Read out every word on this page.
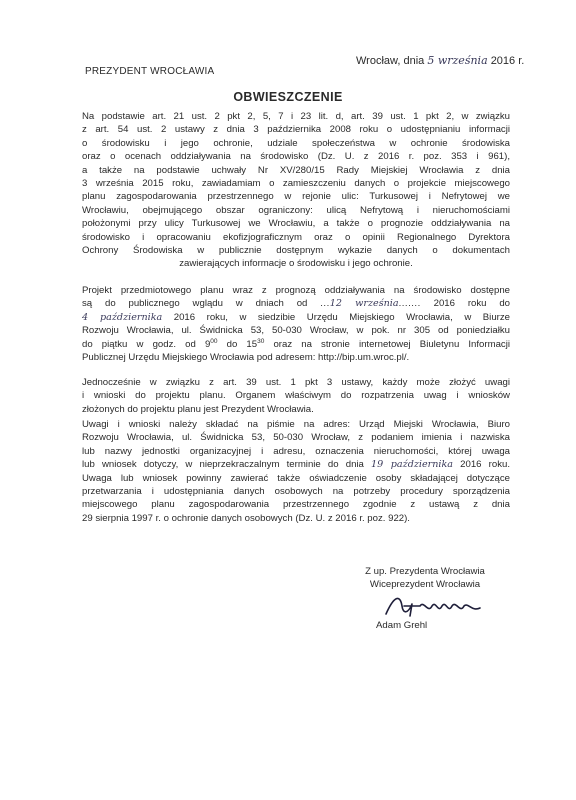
Wrocław, dnia 5 września 2016 r.
PREZYDENT WROCŁAWIA
OBWIESZCZENIE

Na podstawie art. 21 ust. 2 pkt 2, 5, 7 i 23 lit. d, art. 39 ust. 1 pkt 2, w związku

z art. 54 ust. 2 ustawy z dnia 3 października 2008 roku o udostępnianiu informacji

o środowisku i jego ochronie, udziale społeczeństwa w ochronie środowiska

oraz o ocenach oddziaływania na środowisko (Dz. U. z 2016 r. poz. 353 i 961),

a także na podstawie uchwały Nr XV/280/15 Rady Miejskiej Wrocławia z dnia

3 września 2015 roku, zawiadamiam o zamieszczeniu danych o projekcie miejscowego

planu zagospodarowania przestrzennego w rejonie ulic: Turkusowej i Nefrytowej we

Wrocławiu, obejmującego obszar ograniczony: ulicą Nefrytową i nieruchomościami

położonymi przy ulicy Turkusowej we Wrocławiu, a także o prognozie oddziaływania na

środowisko i opracowaniu ekofizjograficznym oraz o opinii Regionalnego Dyrektora

Ochrony Środowiska w publicznie dostępnym wykazie danych o dokumentach

zawierających informacje o środowisku i jego ochronie.

Projekt przedmiotowego planu wraz z prognozą oddziaływania na środowisko dostępne

są do publicznego wglądu w dniach od ...12 września....... 2016 roku do

4 października 2016 roku, w siedzibie Urzędu Miejskiego Wrocławia, w Biurze

Rozwoju Wrocławia, ul. Świdnicka 53, 50-030 Wrocław, w pok. nr 305 od poniedziałku

do piątku w godz. od $9^{00}$ do $15^{30}$ oraz na stronie internetowej Biuletynu Informacji

Publicznej Urzędu Miejskiego Wrocławia pod adresem: http://bip.um.wroc.pl/.

Jednocześnie w związku z art. 39 ust. 1 pkt 3 ustawy, każdy może złożyć uwagi

i wnioski do projektu planu. Organem właściwym do rozpatrzenia uwag i wniosków

złożonych do projektu planu jest Prezydent Wrocławia.

Uwagi i wnioski należy składać na piśmie na adres: Urząd Miejski Wrocławia, Biuro

Rozwoju Wrocławia, ul. Świdnicka 53, 50-030 Wrocław, z podaniem imienia i nazwiska

lub nazwy jednostki organizacyjnej i adresu, oznaczenia nieruchomości, której uwaga

lub wniosek dotyczy, w nieprzekraczalnym terminie do dnia 19 października 2016 roku.

Uwaga lub wniosek powinny zawierać także oświadczenie osoby składającej dotyczące

przetwarzania i udostępniania danych osobowych na potrzeby procedury sporządzenia

miejscowego planu zagospodarowania przestrzennego zgodnie z ustawą z dnia

29 sierpnia 1997 r. o ochronie danych osobowych (Dz. U. z 2016 r. poz. 922).

Z up. Prezydenta Wrocławia
Wiceprezydent Wrocławia
Adam Grehl
